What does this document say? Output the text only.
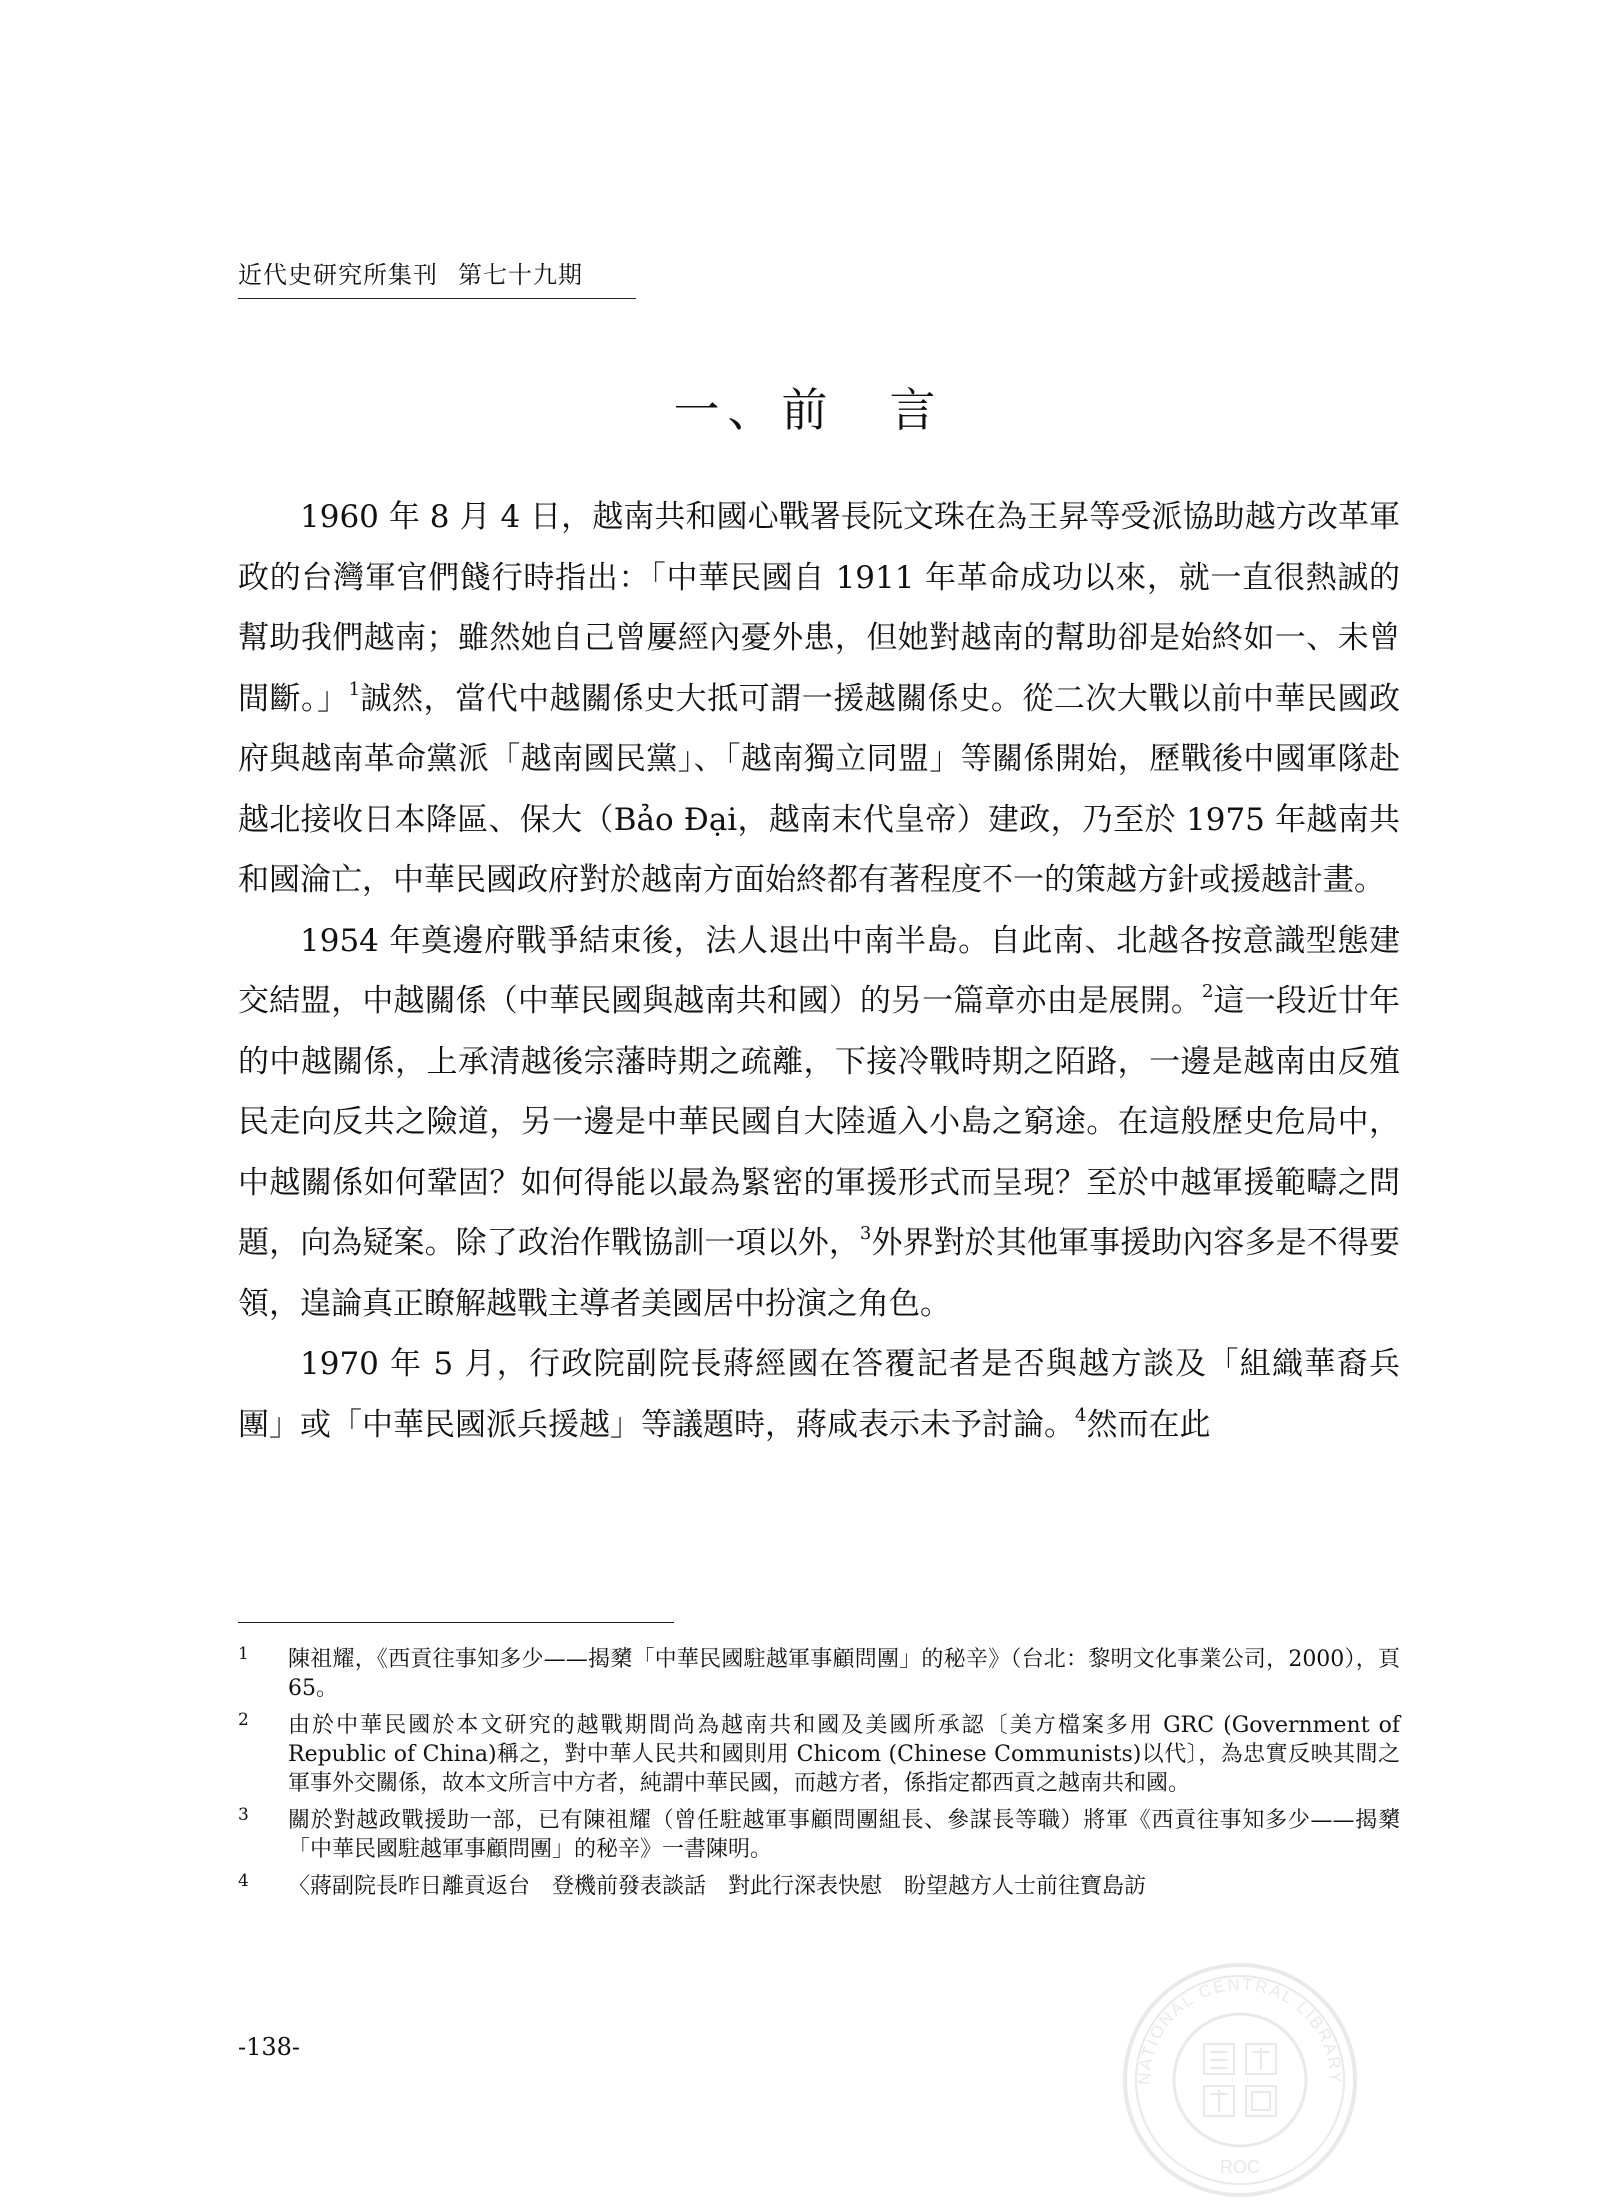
近代史研究所集刊 第七十九期
一、前　言

1960 年 8 月 4 日，越南共和國心戰署長阮文珠在為王昇等受派協助越方改革軍政的台灣軍官們餞行時指出：「中華民國自 1911 年革命成功以來，就一直很熱誠的幫助我們越南；雖然她自己曾屢經內憂外患，但她對越南的幫助卻是始終如一、未曾間斷。」$^1$誠然，當代中越關係史大抵可謂一援越關係史。從二次大戰以前中華民國政府與越南革命黨派「越南國民黨」、「越南獨立同盟」等關係開始，歷戰後中國軍隊赴越北接收日本降區、保大（Bảo Đại，越南末代皇帝）建政，乃至於 1975 年越南共和國淪亡，中華民國政府對於越南方面始終都有著程度不一的策越方針或援越計畫。

1954 年奠邊府戰爭結束後，法人退出中南半島。自此南、北越各按意識型態建交結盟，中越關係（中華民國與越南共和國）的另一篇章亦由是展開。$^2$這一段近廿年的中越關係，上承清越後宗藩時期之疏離，下接冷戰時期之陌路，一邊是越南由反殖民走向反共之險道，另一邊是中華民國自大陸遁入小島之窮途。在這般歷史危局中，中越關係如何鞏固？如何得能以最為緊密的軍援形式而呈現？至於中越軍援範疇之問題，向為疑案。除了政治作戰協訓一項以外，$^3$外界對於其他軍事援助內容多是不得要領，遑論真正瞭解越戰主導者美國居中扮演之角色。

1970 年 5 月，行政院副院長蔣經國在答覆記者是否與越方談及「組織華裔兵團」或「中華民國派兵援越」等議題時，蔣咸表示未予討論。$^4$然而在此

1	陳祖耀，《西貢往事知多少——揭櫫「中華民國駐越軍事顧問團」的秘辛》（台北：黎明文化事業公司，2000），頁 65。
2	由於中華民國於本文研究的越戰期間尚為越南共和國及美國所承認〔美方檔案多用 GRC (Government of Republic of China)稱之，對中華人民共和國則用 Chicom (Chinese Communists)以代〕，為忠實反映其間之軍事外交關係，故本文所言中方者，純謂中華民國，而越方者，係指定都西貢之越南共和國。
3	關於對越政戰援助一部，已有陳祖耀（曾任駐越軍事顧問團組長、參謀長等職）將軍《西貢往事知多少——揭櫫「中華民國駐越軍事顧問團」的秘辛》一書陳明。
4	〈蔣副院長昨日離貢返台　登機前發表談話　對此行深表快慰　盼望越方人士前往寶島訪
-138-
NATIONAL CENTRAL LIBRARY
ROC
